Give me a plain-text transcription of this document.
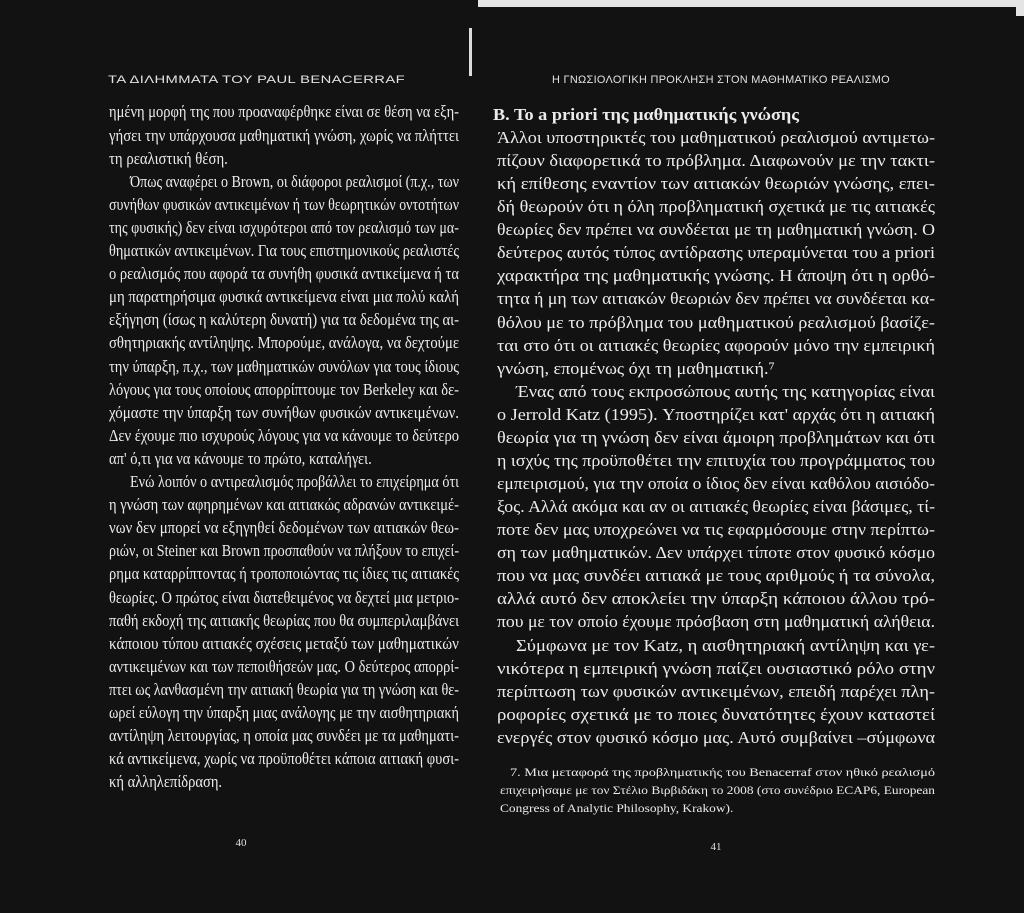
ΤΑ ΔΙΛΗΜΜΑΤΑ ΤΟΥ PAUL BENACERRAF	Η ΓΝΩΣΙΟΛΟΓΙΚΗ ΠΡΟΚΛΗΣΗ ΣΤΟΝ ΜΑΘΗΜΑΤΙΚΟ ΡΕΑΛΙΣΜΟ
Β. Το a priori της μαθηματικής γνώσης
40	41
ημένη μορφή της που προαναφέρθηκε είναι σε θέση να εξη-
γήσει την υπάρχουσα μαθηματική γνώση, χωρίς να πλήττει
τη ρεαλιστική θέση.
Όπως αναφέρει ο Brown, οι διάφοροι ρεαλισμοί (π.χ., των
συνήθων φυσικών αντικειμένων ή των θεωρητικών οντοτήτων
της φυσικής) δεν είναι ισχυρότεροι από τον ρεαλισμό των μα-
θηματικών αντικειμένων. Για τους επιστημονικούς ρεαλιστές
ο ρεαλισμός που αφορά τα συνήθη φυσικά αντικείμενα ή τα
μη παρατηρήσιμα φυσικά αντικείμενα είναι μια πολύ καλή
εξήγηση (ίσως η καλύτερη δυνατή) για τα δεδομένα της αι-
σθητηριακής αντίληψης. Μπορούμε, ανάλογα, να δεχτούμε
την ύπαρξη, π.χ., των μαθηματικών συνόλων για τους ίδιους
λόγους για τους οποίους απορρίπτουμε τον Berkeley και δε-
χόμαστε την ύπαρξη των συνήθων φυσικών αντικειμένων.
Δεν έχουμε πιο ισχυρούς λόγους για να κάνουμε το δεύτερο
απ' ό,τι για να κάνουμε το πρώτο, καταλήγει.
Ενώ λοιπόν ο αντιρεαλισμός προβάλλει το επιχείρημα ότι
η γνώση των αφηρημένων και αιτιακώς αδρανών αντικειμέ-
νων δεν μπορεί να εξηγηθεί δεδομένων των αιτιακών θεω-
ριών, οι Steiner και Brown προσπαθούν να πλήξουν το επιχεί-
ρημα καταρρίπτοντας ή τροποποιώντας τις ίδιες τις αιτιακές
θεωρίες. Ο πρώτος είναι διατεθειμένος να δεχτεί μια μετριο-
παθή εκδοχή της αιτιακής θεωρίας που θα συμπεριλαμβάνει
κάποιου τύπου αιτιακές σχέσεις μεταξύ των μαθηματικών
αντικειμένων και των πεποιθήσεών μας. Ο δεύτερος απορρί-
πτει ως λανθασμένη την αιτιακή θεωρία για τη γνώση και θε-
ωρεί εύλογη την ύπαρξη μιας ανάλογης με την αισθητηριακή
αντίληψη λειτουργίας, η οποία μας συνδέει με τα μαθηματι-
κά αντικείμενα, χωρίς να προϋποθέτει κάποια αιτιακή φυσι-
κή αλληλεπίδραση.
Άλλοι υποστηρικτές του μαθηματικού ρεαλισμού αντιμετω-
πίζουν διαφορετικά το πρόβλημα. Διαφωνούν με την τακτι-
κή επίθεσης εναντίον των αιτιακών θεωριών γνώσης, επει-
δή θεωρούν ότι η όλη προβληματική σχετικά με τις αιτιακές
θεωρίες δεν πρέπει να συνδέεται με τη μαθηματική γνώση. Ο
δεύτερος αυτός τύπος αντίδρασης υπεραμύνεται του a priori
χαρακτήρα της μαθηματικής γνώσης. Η άποψη ότι η ορθό-
τητα ή μη των αιτιακών θεωριών δεν πρέπει να συνδέεται κα-
θόλου με το πρόβλημα του μαθηματικού ρεαλισμού βασίζε-
ται στο ότι οι αιτιακές θεωρίες αφορούν μόνο την εμπειρική
γνώση, επομένως όχι τη μαθηματική.⁷
Ένας από τους εκπροσώπους αυτής της κατηγορίας είναι
ο Jerrold Katz (1995). Υποστηρίζει κατ' αρχάς ότι η αιτιακή
θεωρία για τη γνώση δεν είναι άμοιρη προβλημάτων και ότι
η ισχύς της προϋποθέτει την επιτυχία του προγράμματος του
εμπειρισμού, για την οποία ο ίδιος δεν είναι καθόλου αισιόδο-
ξος. Αλλά ακόμα και αν οι αιτιακές θεωρίες είναι βάσιμες, τί-
ποτε δεν μας υποχρεώνει να τις εφαρμόσουμε στην περίπτω-
ση των μαθηματικών. Δεν υπάρχει τίποτε στον φυσικό κόσμο
που να μας συνδέει αιτιακά με τους αριθμούς ή τα σύνολα,
αλλά αυτό δεν αποκλείει την ύπαρξη κάποιου άλλου τρό-
που με τον οποίο έχουμε πρόσβαση στη μαθηματική αλήθεια.
Σύμφωνα με τον Katz, η αισθητηριακή αντίληψη και γε-
νικότερα η εμπειρική γνώση παίζει ουσιαστικό ρόλο στην
περίπτωση των φυσικών αντικειμένων, επειδή παρέχει πλη-
ροφορίες σχετικά με το ποιες δυνατότητες έχουν καταστεί
ενεργές στον φυσικό κόσμο μας. Αυτό συμβαίνει –σύμφωνα
7. Μια μεταφορά της προβληματικής του Benacerraf στον ηθικό ρεαλισμό
επιχειρήσαμε με τον Στέλιο Βιρβιδάκη το 2008 (στο συνέδριο ECAP6, European
Congress of Analytic Philosophy, Krakow).
